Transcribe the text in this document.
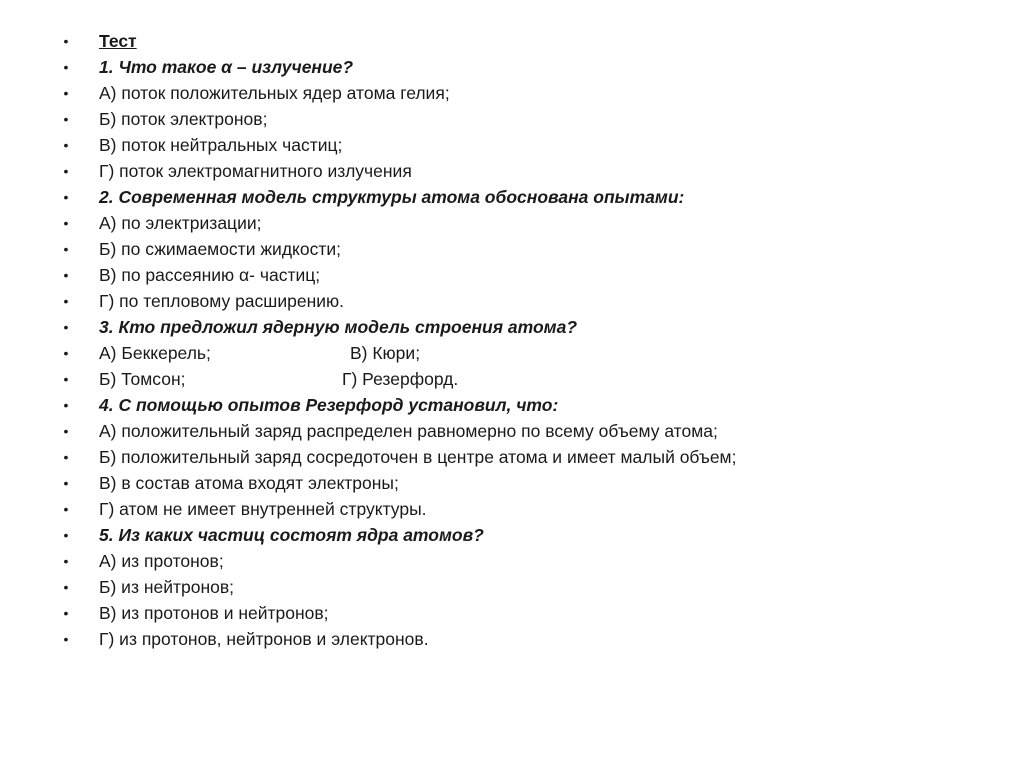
• Тест
• 1. Что такое α – излучение?
• А) поток положительных ядер атома гелия;
• Б) поток электронов;
• В) поток нейтральных частиц;
• Г) поток электромагнитного излучения
• 2. Современная модель структуры атома обоснована опытами:
• А) по электризации;
• Б) по сжимаемости жидкости;
• В) по рассеянию α- частиц;
• Г) по тепловому расширению.
• 3. Кто предложил ядерную модель строения атома?
• А) Беккерель;	В) Кюри;
• Б) Томсон;	Г) Резерфорд.
• 4. С помощью опытов Резерфорд установил, что:
• А) положительный заряд распределен равномерно по всему объему атома;
• Б) положительный заряд сосредоточен в центре атома и имеет малый объем;
• В) в состав атома входят электроны;
• Г) атом не имеет внутренней структуры.
• 5. Из каких частиц состоят ядра атомов?
• А) из протонов;
• Б) из нейтронов;
• В) из протонов и нейтронов;
• Г) из протонов, нейтронов и электронов.
